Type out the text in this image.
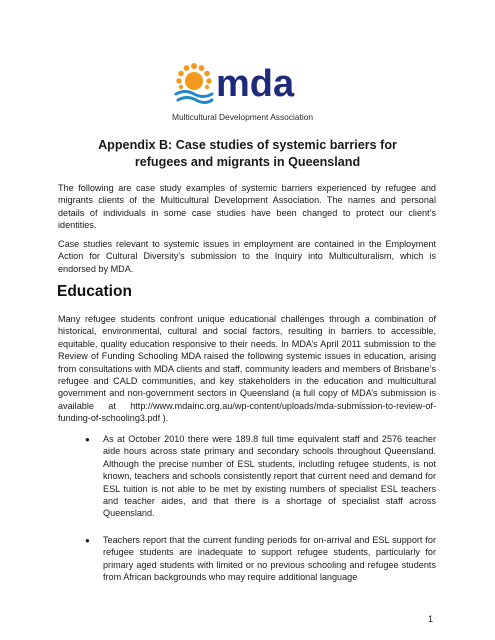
mda
Multicultural Development Association
Appendix B: Case studies of systemic barriers for refugees and migrants in Queensland

The following are case study examples of systemic barriers experienced by refugee and migrants clients of the Multicultural Development Association. The names and personal details of individuals in some case studies have been changed to protect our client’s identities.

Case studies relevant to systemic issues in employment are contained in the Employment Action for Cultural Diversity’s submission to the Inquiry into Multiculturalism, which is endorsed by MDA.

Education

Many refugee students confront unique educational challenges through a combination of historical, environmental, cultural and social factors, resulting in barriers to accessible, equitable, quality education responsive to their needs. In MDA’s April 2011 submission to the Review of Funding Schooling MDA raised the following systemic issues in education, arising from consultations with MDA clients and staff, community leaders and members of Brisbane’s refugee and CALD communities, and key stakeholders in the education and multicultural government and non-government sectors in Queensland (a full copy of MDA’s submission is available at http://www.mdainc.org.au/wp-content/uploads/mda-submission-to-review-of-funding-of-schooling3.pdf ).

● As at October 2010 there were 189.8 full time equivalent staff and 2576 teacher aide hours across state primary and secondary schools throughout Queensland. Although the precise number of ESL students, including refugee students, is not known, teachers and schools consistently report that current need and demand for ESL tuition is not able to be met by existing numbers of specialist ESL teachers and teacher aides, and that there is a shortage of specialist staff across Queensland.

● Teachers report that the current funding periods for on-arrival and ESL support for refugee students are inadequate to support refugee students, particularly for primary aged students with limited or no previous schooling and refugee students from African backgrounds who may require additional language

1
